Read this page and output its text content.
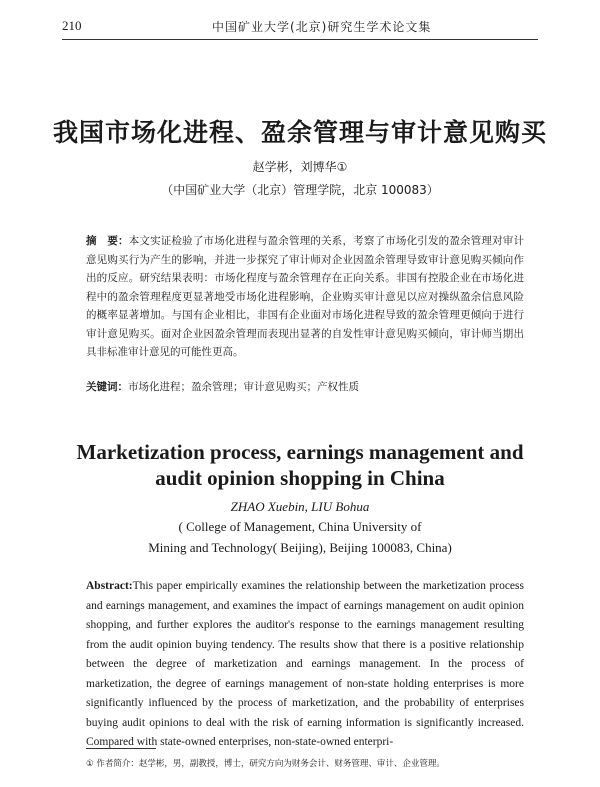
210	中国矿业大学(北京)研究生学术论文集
我国市场化进程、盈余管理与审计意见购买
赵学彬，刘博华①
（中国矿业大学（北京）管理学院，北京 100083）
摘　要：本文实证检验了市场化进程与盈余管理的关系，考察了市场化引发的盈余管理对审计意见购买行为产生的影响，并进一步探究了审计师对企业因盈余管理导致审计意见购买倾向作出的反应。研究结果表明：市场化程度与盈余管理存在正向关系。非国有控股企业在市场化进程中的盈余管理程度更显著地受市场化进程影响，企业购买审计意见以应对操纵盈余信息风险的概率显著增加。与国有企业相比，非国有企业面对市场化进程导致的盈余管理更倾向于进行审计意见购买。面对企业因盈余管理而表现出显著的自发性审计意见购买倾向，审计师当期出具非标准审计意见的可能性更高。
关键词：市场化进程；盈余管理；审计意见购买；产权性质
Marketization process, earnings management and
audit opinion shopping in China
ZHAO Xuebin, LIU Bohua
( College of Management, China University of
Mining and Technology( Beijing), Beijing 100083, China)
Abstract:This paper empirically examines the relationship between the marketization process and earnings management, and examines the impact of earnings management on audit opinion shopping, and further explores the auditor's response to the earnings management resulting from the audit opinion buying tendency. The results show that there is a positive relationship between the degree of marketization and earnings management. In the process of marketization, the degree of earnings management of non-state holding enterprises is more significantly influenced by the process of marketization, and the probability of enterprises buying audit opinions to deal with the risk of earning information is significantly increased. Compared with state-owned enterprises, non-state-owned enterpri-
① 作者简介：赵学彬，男，副教授，博士，研究方向为财务会计、财务管理、审计、企业管理。
